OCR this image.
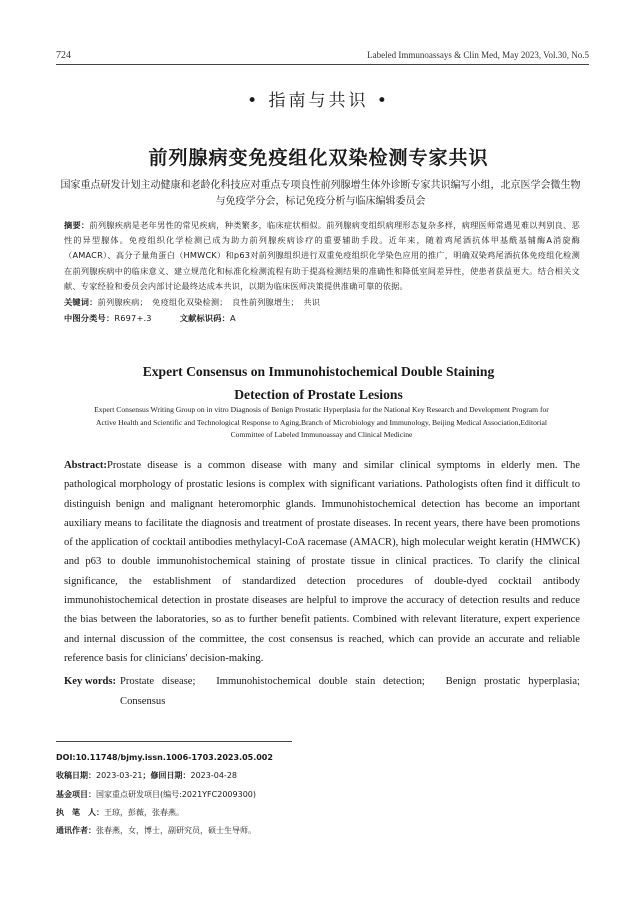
724	Labeled Immunoassays & Clin Med, May 2023, Vol.30, No.5
• 指南与共识 •
前列腺病变免疫组化双染检测专家共识
国家重点研发计划主动健康和老龄化科技应对重点专项良性前列腺增生体外诊断专家共识编写小组，北京医学会微生物与免疫学分会，标记免疫分析与临床编辑委员会

摘要：前列腺疾病是老年男性的常见疾病，种类繁多，临床症状相似。前列腺病变组织病理形态复杂多样，病理医师常遇见难以判别良、恶性的异型腺体。免疫组织化学检测已成为助力前列腺疾病诊疗的重要辅助手段。近年来，随着鸡尾酒抗体甲基酰基辅酶A消旋酶（AMACR）、高分子量角蛋白（HMWCK）和p63对前列腺组织进行双重免疫组织化学染色应用的推广，明确双染鸡尾酒抗体免疫组化检测在前列腺疾病中的临床意义、建立规范化和标准化检测流程有助于提高检测结果的准确性和降低室间差异性，使患者获益更大。结合相关文献、专家经验和委员会内部讨论最终达成本共识，以期为临床医师决策提供准确可靠的依据。

关键词：前列腺疾病；　免疫组化双染检测；　良性前列腺增生；　共识
中图分类号：R697+.3	文献标识码：A
Expert Consensus on Immunohistochemical Double Staining
Detection of Prostate Lesions
Expert Consensus Writing Group on in vitro Diagnosis of Benign Prostatic Hyperplasia for the National Key Research and Development Program for Active Health and Scientific and Technological Response to Aging,Branch of Microbiology and Immunology, Beijing Medical Association,Editorial Committee of Labeled Immunoassay and Clinical Medicine

Abstract:Prostate disease is a common disease with many and similar clinical symptoms in elderly men. The pathological morphology of prostatic lesions is complex with significant variations. Pathologists often find it difficult to distinguish benign and malignant heteromorphic glands. Immunohistochemical detection has become an important auxiliary means to facilitate the diagnosis and treatment of prostate diseases. In recent years, there have been promotions of the application of cocktail antibodies methylacyl-CoA racemase (AMACR), high molecular weight keratin (HMWCK) and p63 to double immunohistochemical staining of prostate tissue in clinical practices. To clarify the clinical significance, the establishment of standardized detection procedures of double-dyed cocktail antibody immunohistochemical detection in prostate diseases are helpful to improve the accuracy of detection results and reduce the bias between the laboratories, so as to further benefit patients. Combined with relevant literature, expert experience and internal discussion of the committee, the cost consensus is reached, which can provide an accurate and reliable reference basis for clinicians' decision-making.

Key words: Prostate disease;　Immunohistochemical double stain detection;　Benign prostatic hyperplasia;　Consensus
DOI:10.11748/bjmy.issn.1006-1703.2023.05.002
收稿日期：2023-03-21；修回日期：2023-04-28
基金项目：国家重点研发项目(编号:2021YFC2009300)
执　笔　人：王琼，彭薇，张春燕。
通讯作者：张春燕，女，博士，副研究员，硕士生导师。
